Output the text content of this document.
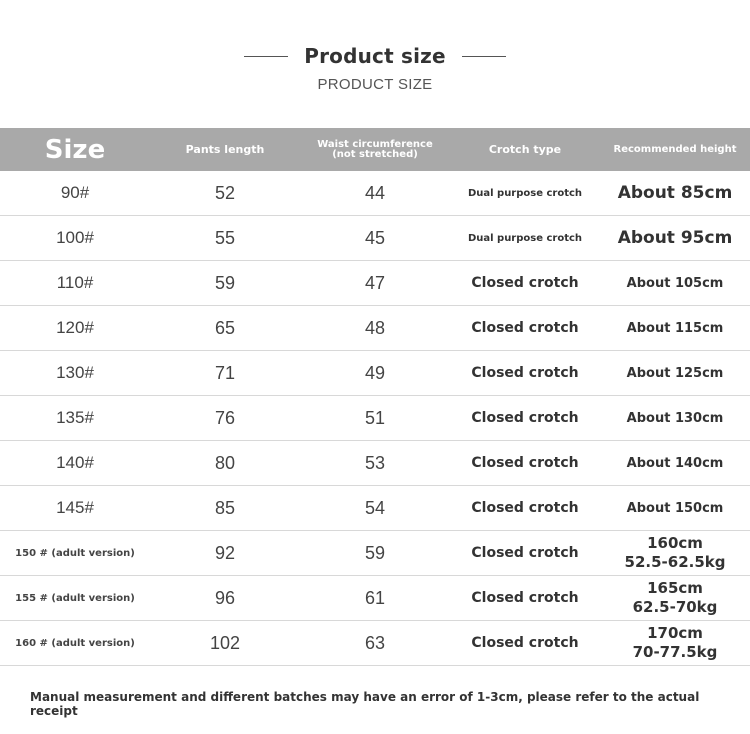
Product size
PRODUCT SIZE
Size	Pants length	Waist circumference (not stretched)	Crotch type	Recommended height
90#	52	44	Dual purpose crotch	About 85cm
100#	55	45	Dual purpose crotch	About 95cm
110#	59	47	Closed crotch	About 105cm
120#	65	48	Closed crotch	About 115cm
130#	71	49	Closed crotch	About 125cm
135#	76	51	Closed crotch	About 130cm
140#	80	53	Closed crotch	About 140cm
145#	85	54	Closed crotch	About 150cm
150 # (adult version)	92	59	Closed crotch	160cm
52.5-62.5kg

155 # (adult version)	96	61	Closed crotch	165cm
62.5-70kg

160 # (adult version)	102	63	Closed crotch	170cm
70-77.5kg
Manual measurement and different batches may have an error of 1-3cm, please refer to the actual receipt
